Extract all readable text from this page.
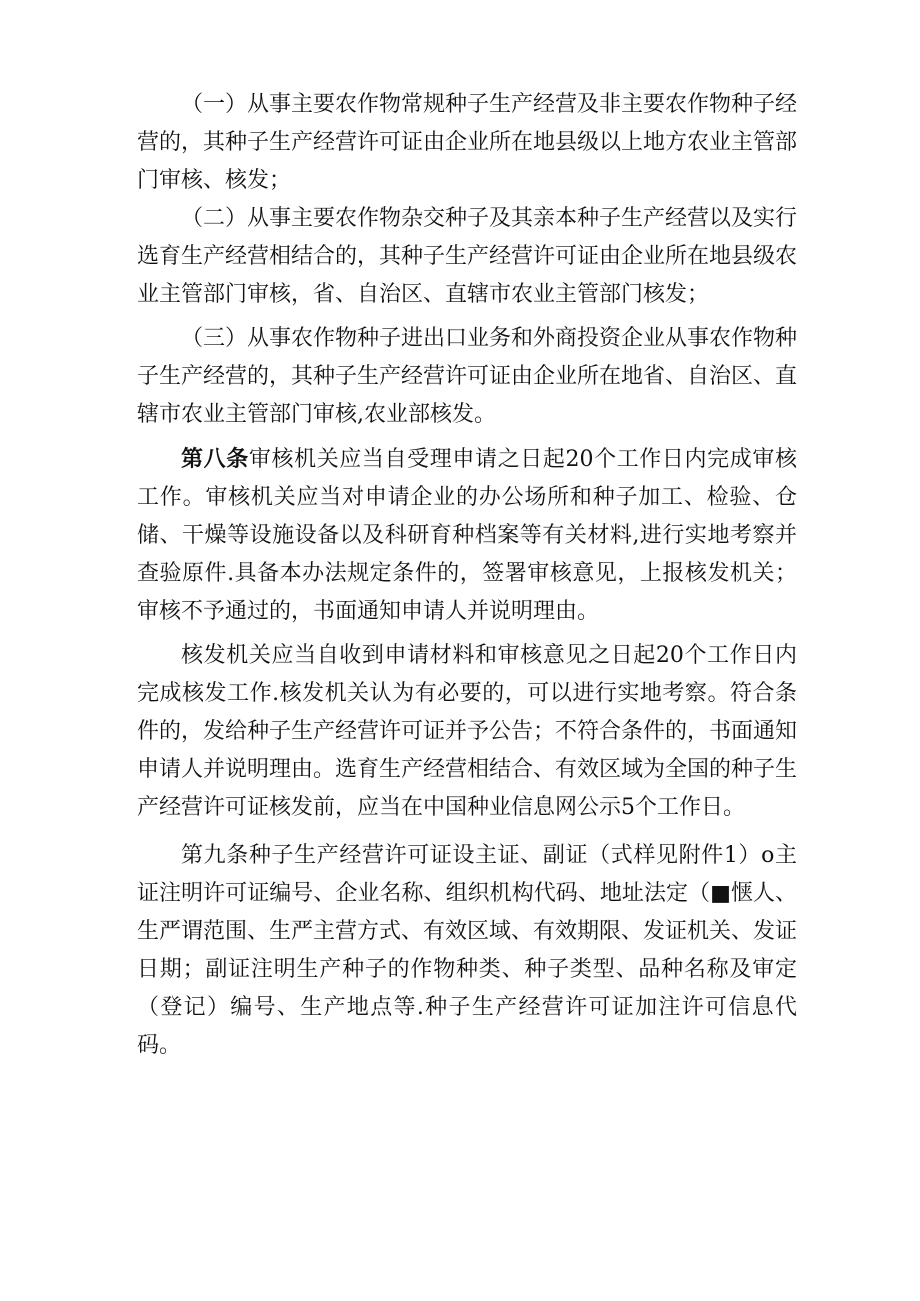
（一）从事主要农作物常规种子生产经营及非主要农作物种子经营的，其种子生产经营许可证由企业所在地县级以上地方农业主管部门审核、核发；

（二）从事主要农作物杂交种子及其亲本种子生产经营以及实行选育生产经营相结合的，其种子生产经营许可证由企业所在地县级农业主管部门审核，省、自治区、直辖市农业主管部门核发；

（三）从事农作物种子进出口业务和外商投资企业从事农作物种子生产经营的，其种子生产经营许可证由企业所在地省、自治区、直辖市农业主管部门审核,农业部核发。

第八条审核机关应当自受理申请之日起20个工作日内完成审核工作。审核机关应当对申请企业的办公场所和种子加工、检验、仓储、干燥等设施设备以及科研育种档案等有关材料,进行实地考察并查验原件.具备本办法规定条件的，签署审核意见，上报核发机关；审核不予通过的，书面通知申请人并说明理由。

核发机关应当自收到申请材料和审核意见之日起20个工作日内完成核发工作.核发机关认为有必要的，可以进行实地考察。符合条件的，发给种子生产经营许可证并予公告；不符合条件的，书面通知申请人并说明理由。选育生产经营相结合、有效区域为全国的种子生产经营许可证核发前，应当在中国种业信息网公示5个工作日。

第九条种子生产经营许可证设主证、副证（式样见附件1）o主证注明许可证编号、企业名称、组织机构代码、地址法定（■惬人、生严谓范围、生严主营方式、有效区域、有效期限、发证机关、发证日期；副证注明生产种子的作物种类、种子类型、品种名称及审定（登记）编号、生产地点等.种子生产经营许可证加注许可信息代码。
